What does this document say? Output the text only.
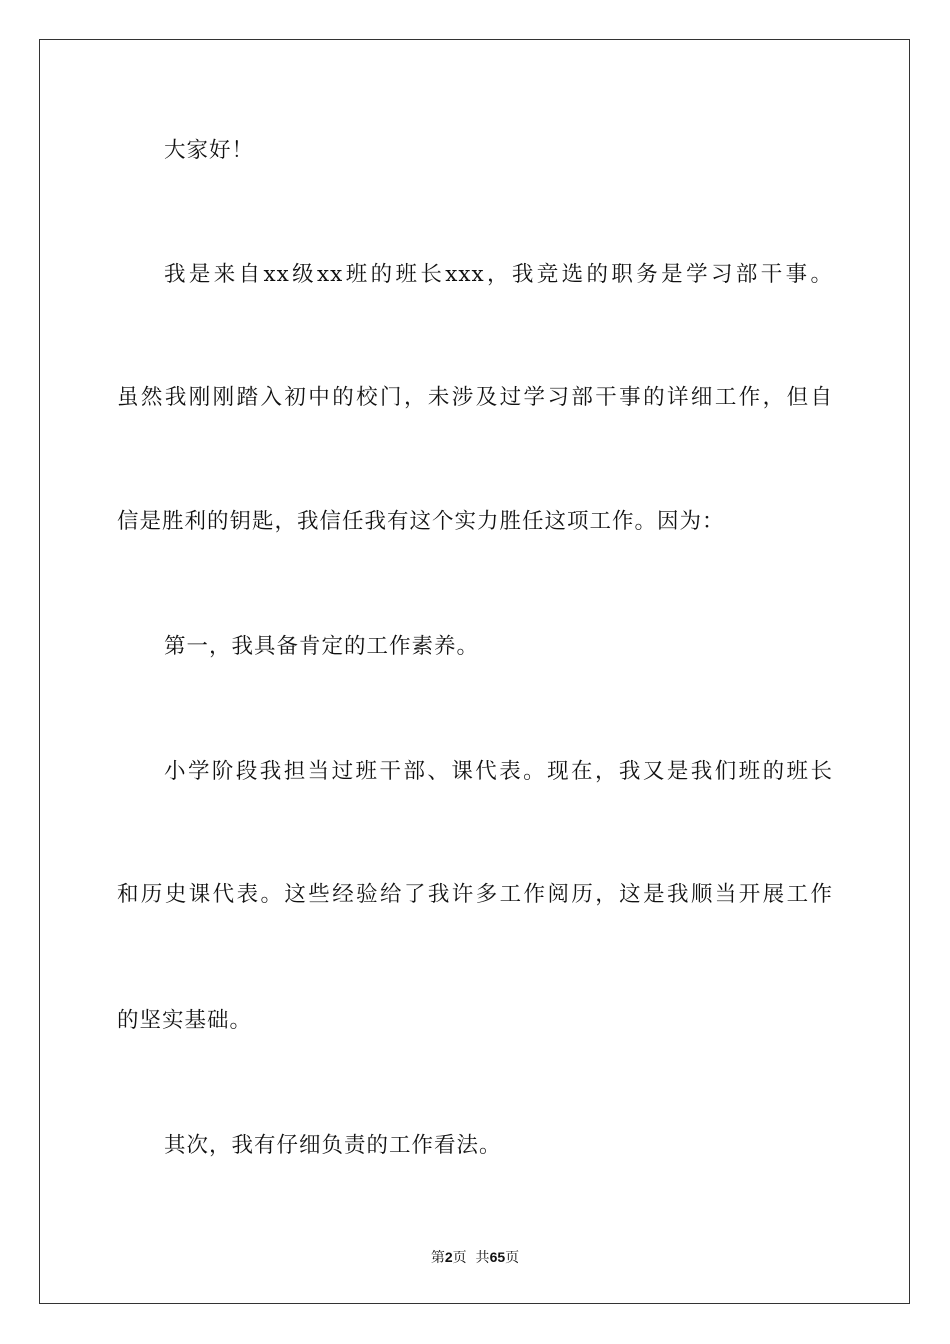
大家好！
我是来自xx级xx班的班长xxx，我竞选的职务是学习部干事。
虽然我刚刚踏入初中的校门，未涉及过学习部干事的详细工作，但自
信是胜利的钥匙，我信任我有这个实力胜任这项工作。因为：
第一，我具备肯定的工作素养。
小学阶段我担当过班干部、课代表。现在，我又是我们班的班长
和历史课代表。这些经验给了我许多工作阅历，这是我顺当开展工作
的坚实基础。
其次，我有仔细负责的工作看法。
第2页  共65页
